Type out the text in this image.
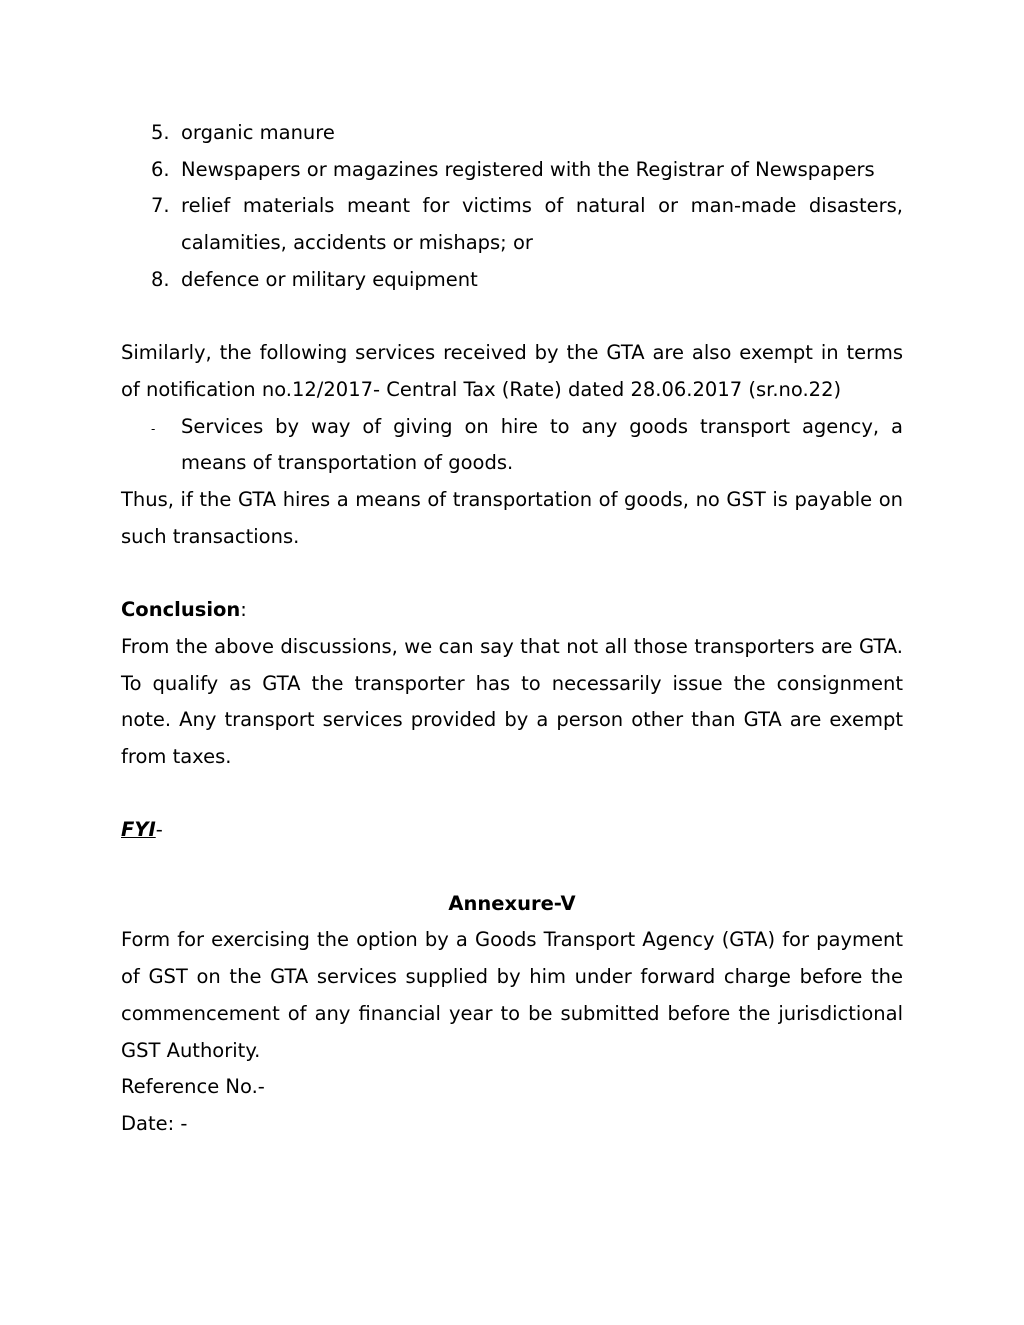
5. organic manure
6. Newspapers or magazines registered with the Registrar of Newspapers
7. relief materials meant for victims of natural or man-made disasters, calamities, accidents or mishaps; or
8. defence or military equipment

Similarly, the following services received by the GTA are also exempt in terms of notification no.12/2017- Central Tax (Rate) dated 28.06.2017 (sr.no.22)

-	Services by way of giving on hire to any goods transport agency, a means of transportation of goods.

Thus, if the GTA hires a means of transportation of goods, no GST is payable on such transactions.

Conclusion:

From the above discussions, we can say that not all those transporters are GTA. To qualify as GTA the transporter has to necessarily issue the consignment note. Any transport services provided by a person other than GTA are exempt from taxes.

FYI-

Annexure-V

Form for exercising the option by a Goods Transport Agency (GTA) for payment of GST on the GTA services supplied by him under forward charge before the commencement of any financial year to be submitted before the jurisdictional GST Authority.

Reference No.-

Date: -
